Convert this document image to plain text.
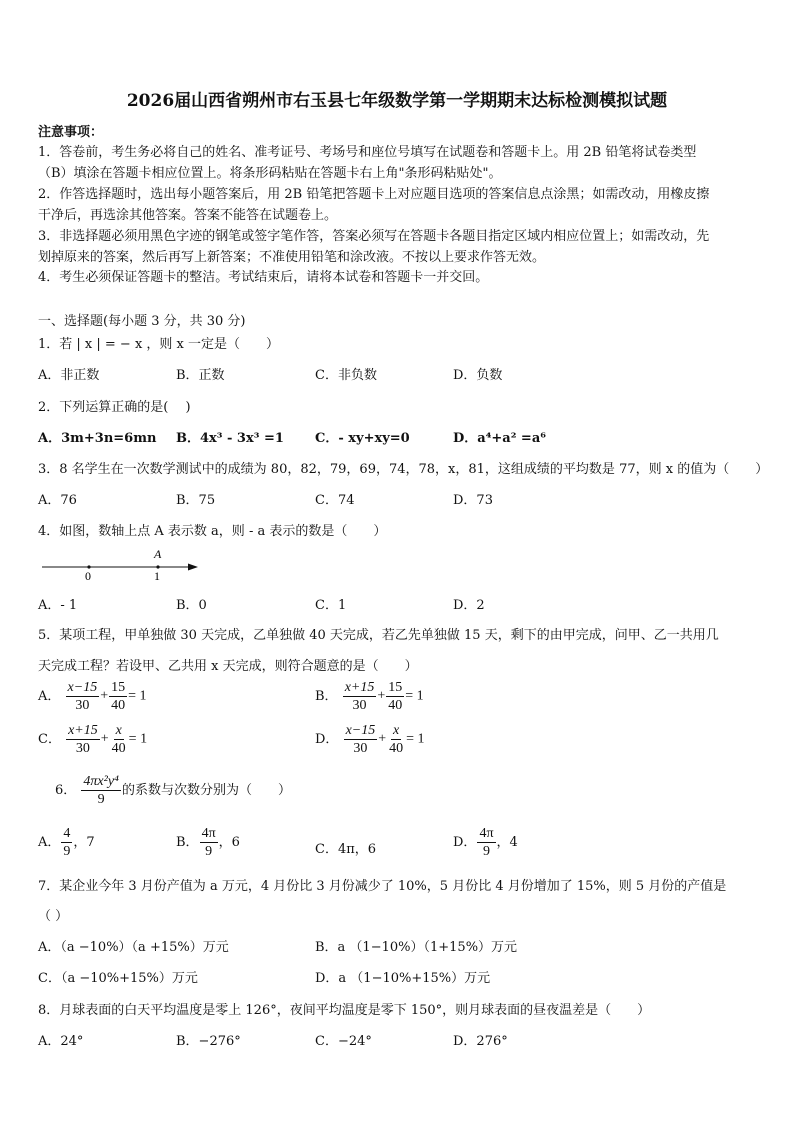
2026届山西省朔州市右玉县七年级数学第一学期期末达标检测模拟试题
注意事项：
1．答卷前，考生务必将自己的姓名、准考证号、考场号和座位号填写在试题卷和答题卡上。用 2B 铅笔将试卷类型
（B）填涂在答题卡相应位置上。将条形码粘贴在答题卡右上角"条形码粘贴处"。
2．作答选择题时，选出每小题答案后，用 2B 铅笔把答题卡上对应题目选项的答案信息点涂黑；如需改动，用橡皮擦
干净后，再选涂其他答案。答案不能答在试题卷上。
3．非选择题必须用黑色字迹的钢笔或签字笔作答，答案必须写在答题卡各题目指定区域内相应位置上；如需改动，先
划掉原来的答案，然后再写上新答案；不准使用铅笔和涂改液。不按以上要求作答无效。
4．考生必须保证答题卡的整洁。考试结束后，请将本试卷和答题卡一并交回。
一、选择题(每小题 3 分，共 30 分)
1．若 | x | = − x ，则 x 一定是（　　）
A．非正数	B．正数	C．非负数	D．负数
2．下列运算正确的是(　 )
A．3m+3n=6mn B．4x³ - 3x³ =1 C．- xy+xy=0	D．a⁴+a² =a⁶
3．8 名学生在一次数学测试中的成绩为 80，82，79，69，74，78，x，81，这组成绩的平均数是 77，则 x 的值为（　　）
A．76	B．75	C．74	D．73
4．如图，数轴上点 A 表示数 a，则 - a 表示的数是（　　）
A
0	1
A．- 1	B．0	C．1	D．2
5．某项工程，甲单独做 30 天完成，乙单独做 40 天完成，若乙先单独做 15 天，剩下的由甲完成，问甲、乙一共用几
天完成工程？若设甲、乙共用 x 天完成，则符合题意的是（　　）
A． $\frac{x-15}{30} + \frac{15}{40} = 1$	B． $\frac{x+15}{30} + \frac{15}{40} = 1$
C． $\frac{x+15}{30} + \frac{x}{40} = 1$	D． $\frac{x-15}{30} + \frac{x}{40} = 1$
6． $\frac{\text{4πx²y⁴}}{9}$ 的系数与次数分别为（　　）
A． $\frac{4}{9}$ ，7	B． $\frac{4\pi}{9}$ ，6	C．4π，6	D． $\frac{4\pi}{9}$ ，4
7．某企业今年 3 月份产值为 a 万元，4 月份比 3 月份减少了 10%，5 月份比 4 月份增加了 15%，则 5 月份的产值是
（ ）
A．（a −10%）（a +15%）万元	B．a （1−10%）（1+15%）万元
C．（a −10%+15%）万元	D．a （1−10%+15%）万元
8．月球表面的白天平均温度是零上 126°，夜间平均温度是零下 150°，则月球表面的昼夜温差是（　　）
A．24°	B．−276°	C．−24°	D．276°
